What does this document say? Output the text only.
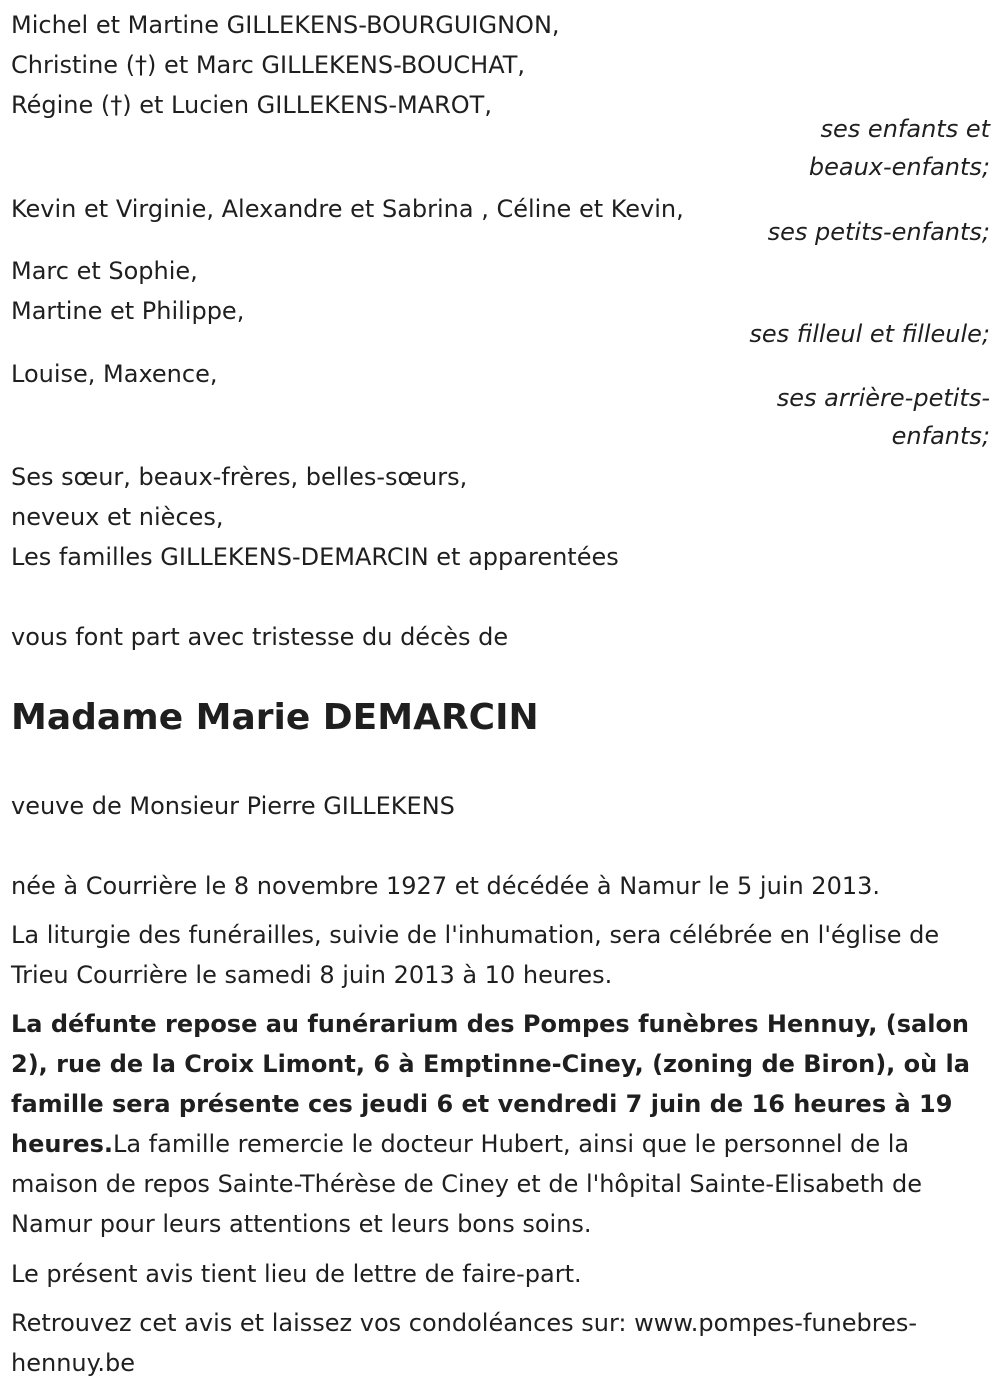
Michel et Martine GILLEKENS-BOURGUIGNON,
Christine (†) et Marc GILLEKENS-BOUCHAT,
Régine (†) et Lucien GILLEKENS-MAROT,
ses enfants et
beaux-enfants;
Kevin et Virginie, Alexandre et Sabrina , Céline et Kevin,
ses petits-enfants;
Marc et Sophie,
Martine et Philippe,
ses filleul et filleule;
Louise, Maxence,
ses arrière-petits-
enfants;
Ses sœur, beaux-frères, belles-sœurs,
neveux et nièces,
Les familles GILLEKENS-DEMARCIN et apparentées
vous font part avec tristesse du décès de
Madame Marie DEMARCIN
veuve de Monsieur Pierre GILLEKENS
née à Courrière le 8 novembre 1927 et décédée à Namur le 5 juin 2013.
La liturgie des funérailles, suivie de l'inhumation, sera célébrée en l'église de Trieu Courrière le samedi 8 juin 2013 à 10 heures.
La défunte repose au funérarium des Pompes funèbres Hennuy, (salon 2), rue de la Croix Limont, 6 à Emptinne-Ciney, (zoning de Biron), où la famille sera présente ces jeudi 6 et vendredi 7 juin de 16 heures à 19 heures.La famille remercie le docteur Hubert, ainsi que le personnel de la maison de repos Sainte-Thérèse de Ciney et de l'hôpital Sainte-Elisabeth de Namur pour leurs attentions et leurs bons soins.
Le présent avis tient lieu de lettre de faire-part.
Retrouvez cet avis et laissez vos condoléances sur: www.pompes-funebres-hennuy.be
